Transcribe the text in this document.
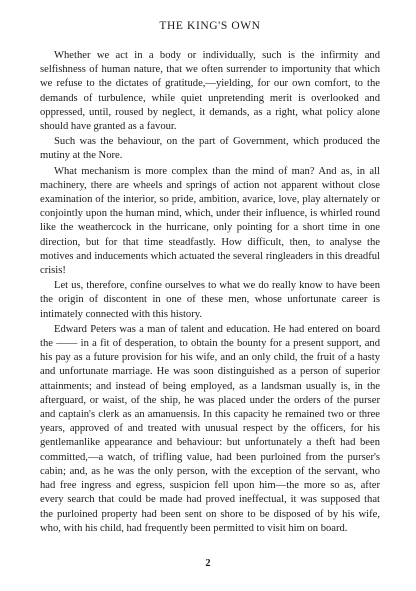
THE KING'S OWN

Whether we act in a body or individually, such is the infirmity and selfishness of human nature, that we often surrender to importunity that which we refuse to the dictates of gratitude,—yielding, for our own comfort, to the demands of turbulence, while quiet unpretending merit is overlooked and oppressed, until, roused by neglect, it demands, as a right, what policy alone should have granted as a favour.

Such was the behaviour, on the part of Government, which produced the mutiny at the Nore.

What mechanism is more complex than the mind of man? And as, in all machinery, there are wheels and springs of action not apparent without close examination of the interior, so pride, ambition, avarice, love, play alternately or conjointly upon the human mind, which, under their influence, is whirled round like the weathercock in the hurricane, only pointing for a short time in one direction, but for that time steadfastly. How difficult, then, to analyse the motives and inducements which actuated the several ringleaders in this dreadful crisis!

Let us, therefore, confine ourselves to what we do really know to have been the origin of discontent in one of these men, whose unfortunate career is intimately connected with this history.

Edward Peters was a man of talent and education. He had entered on board the —— in a fit of desperation, to obtain the bounty for a present support, and his pay as a future provision for his wife, and an only child, the fruit of a hasty and unfortunate marriage. He was soon distinguished as a person of superior attainments; and instead of being employed, as a landsman usually is, in the afterguard, or waist, of the ship, he was placed under the orders of the purser and captain's clerk as an amanuensis. In this capacity he remained two or three years, approved of and treated with unusual respect by the officers, for his gentlemanlike appearance and behaviour: but unfortunately a theft had been committed,—a watch, of trifling value, had been purloined from the purser's cabin; and, as he was the only person, with the exception of the servant, who had free ingress and egress, suspicion fell upon him—the more so as, after every search that could be made had proved ineffectual, it was supposed that the purloined property had been sent on shore to be disposed of by his wife, who, with his child, had frequently been permitted to visit him on board.

2
